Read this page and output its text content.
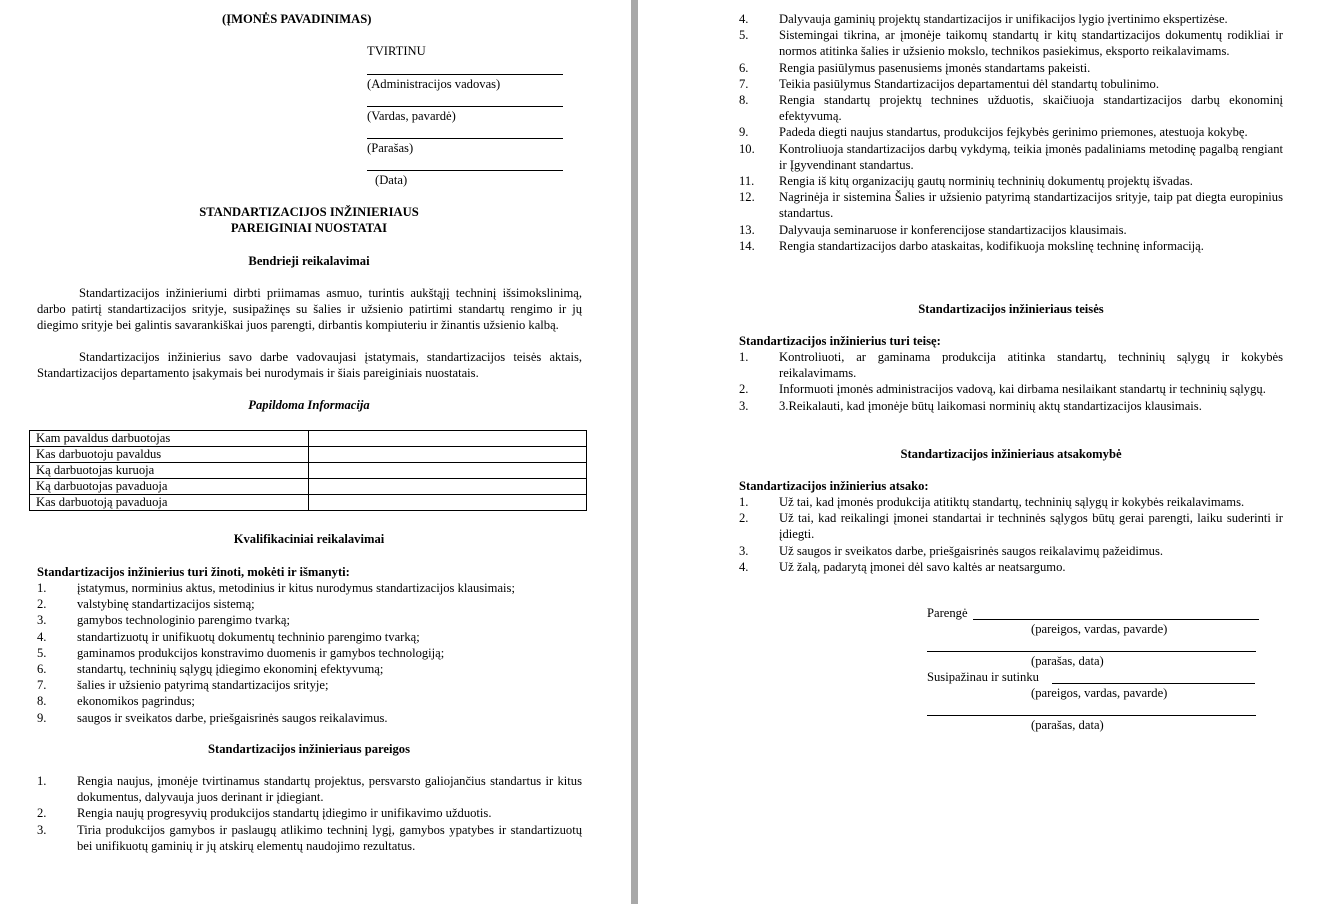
(ĮMONĖS PAVADINIMAS)
TVIRTINU
(Administracijos vadovas)
(Vardas, pavardė)
(Parašas)
(Data)
STANDARTIZACIJOS INŽINIERIAUS
PAREIGINIAI NUOSTATAI
Bendrieji reikalavimai
Standartizacijos inžinieriumi dirbti priimamas asmuo, turintis aukštąjį techninį išsimokslinimą, darbo patirtį standartizacijos srityje, susipažinęs su šalies ir užsienio patirtimi standartų rengimo ir jų diegimo srityje bei galintis savarankiškai juos parengti, dirbantis kompiuteriu ir žinantis užsienio kalbą.
Standartizacijos inžinierius savo darbe vadovaujasi įstatymais, standartizacijos teisės aktais, Standartizacijos departamento įsakymais bei nurodymais ir šiais pareiginiais nuostatais.
Papildoma Informacija
Kam pavaldus darbuotojas	
Kas darbuotoju pavaldus	
Ką darbuotojas kuruoja	
Ką darbuotojas pavaduoja	
Kas darbuotoją pavaduoja	
Kvalifikaciniai reikalavimai
Standartizacijos inžinierius turi žinoti, mokėti ir išmanyti:
1. įstatymus, norminius aktus, metodinius ir kitus nurodymus standartizacijos klausimais;
2. valstybinę standartizacijos sistemą;
3. gamybos technologinio parengimo tvarką;
4. standartizuotų ir unifikuotų dokumentų techninio parengimo tvarką;
5. gaminamos produkcijos konstravimo duomenis ir gamybos technologiją;
6. standartų, techninių sąlygų įdiegimo ekonominį efektyvumą;
7. šalies ir užsienio patyrimą standartizacijos srityje;
8. ekonomikos pagrindus;
9. saugos ir sveikatos darbe, priešgaisrinės saugos reikalavimus.
Standartizacijos inžinieriaus pareigos
1. Rengia naujus, įmonėje tvirtinamus standartų projektus, persvarsto galiojančius standartus ir kitus dokumentus, dalyvauja juos derinant ir įdiegiant.
2. Rengia naujų progresyvių produkcijos standartų įdiegimo ir unifikavimo užduotis.
3. Tiria produkcijos gamybos ir paslaugų atlikimo techninį lygį, gamybos ypatybes ir standartizuotų bei unifikuotų gaminių ir jų atskirų elementų naudojimo rezultatus.
4. Dalyvauja gaminių projektų standartizacijos ir unifikacijos lygio įvertinimo ekspertizėse.
5. Sistemingai tikrina, ar įmonėje taikomų standartų ir kitų standartizacijos dokumentų rodikliai ir normos atitinka šalies ir užsienio mokslo, technikos pasiekimus, eksporto reikalavimams.
6. Rengia pasiūlymus pasenusiems įmonės standartams pakeisti.
7. Teikia pasiūlymus Standartizacijos departamentui dėl standartų tobulinimo.
8. Rengia standartų projektų technines užduotis, skaičiuoja standartizacijos darbų ekonominį efektyvumą.
9. Padeda diegti naujus standartus, produkcijos fejkybės gerinimo priemones, atestuoja kokybę.
10. Kontroliuoja standartizacijos darbų vykdymą, teikia įmonės padaliniams metodinę pagalbą rengiant ir Įgyvendinant standartus.
11. Rengia iš kitų organizacijų gautų norminių techninių dokumentų projektų išvadas.
12. Nagrinėja ir sistemina Šalies ir užsienio patyrimą standartizacijos srityje, taip pat diegta europinius standartus.
13. Dalyvauja seminaruose ir konferencijose standartizacijos klausimais.
14. Rengia standartizacijos darbo ataskaitas, kodifikuoja mokslinę techninę informaciją.
Standartizacijos inžinieriaus teisės
Standartizacijos inžinierius turi teisę:
1. Kontroliuoti, ar gaminama produkcija atitinka standartų, techninių sąlygų ir kokybės reikalavimams.
2. Informuoti įmonės administracijos vadovą, kai dirbama nesilaikant standartų ir techninių sąlygų.
3. 3.Reikalauti, kad įmonėje būtų laikomasi norminių aktų standartizacijos klausimais.
Standartizacijos inžinieriaus atsakomybė
Standartizacijos inžinierius atsako:
1. Už tai, kad įmonės produkcija atitiktų standartų, techninių sąlygų ir kokybės reikalavimams.
2. Už tai, kad reikalingi įmonei standartai ir techninės sąlygos būtų gerai parengti, laiku suderinti ir įdiegti.
3. Už saugos ir sveikatos darbe, priešgaisrinės saugos reikalavimų pažeidimus.
4. Už žalą, padarytą įmonei dėl savo kaltės ar neatsargumo.
Parengė
(pareigos, vardas, pavarde)
(parašas, data)
Susipažinau ir sutinku
(pareigos, vardas, pavarde)
(parašas, data)
